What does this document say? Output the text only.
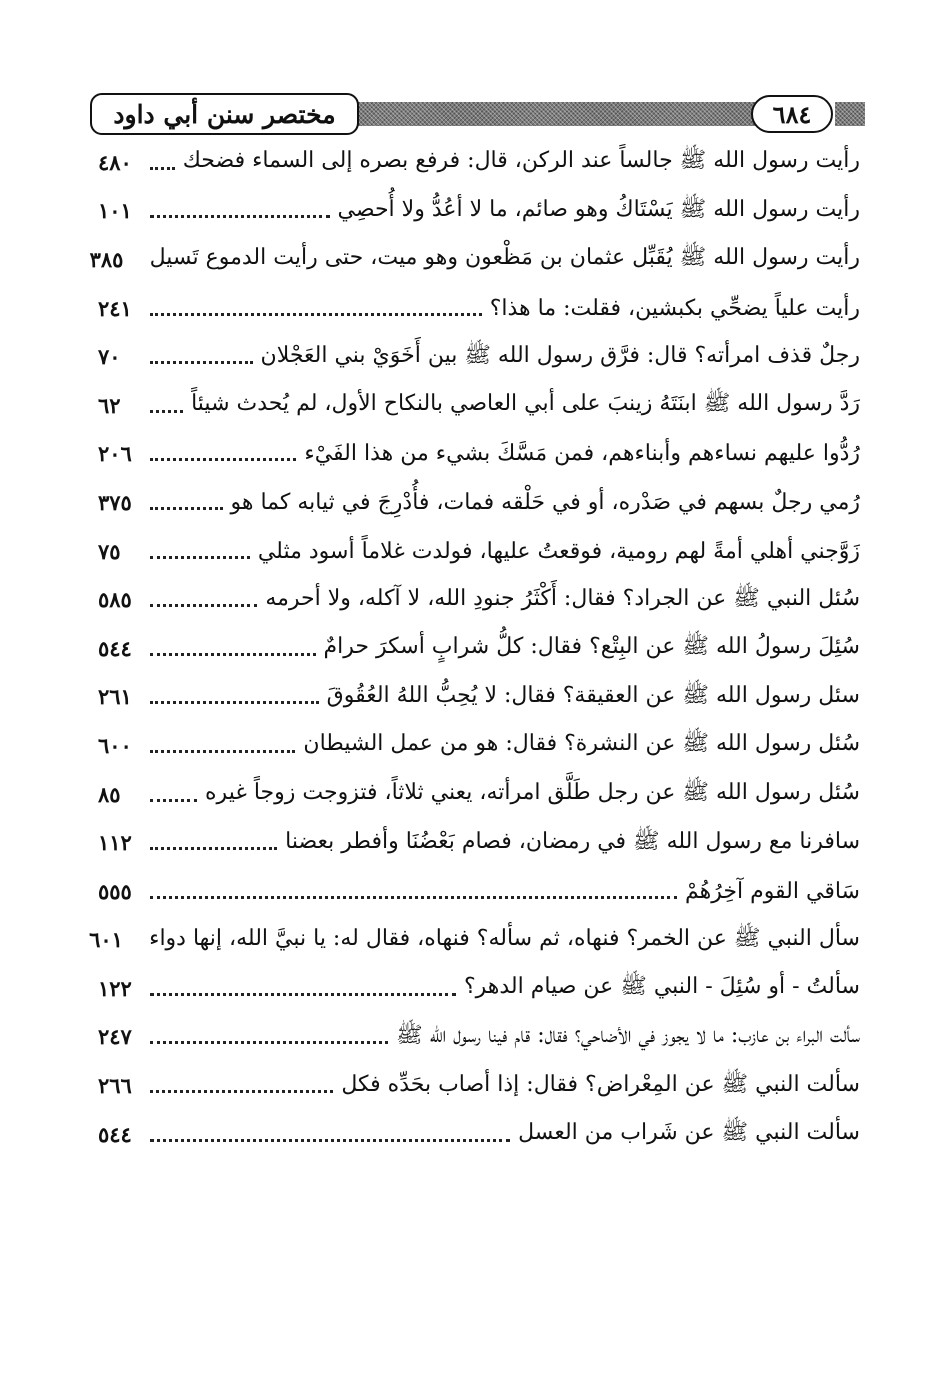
مختصر سنن أبي داود	٦٨٤
رأيت رسول الله ﷺ جالساً عند الركن، قال: فرفع بصره إلى السماء فضحك
٤٨٠
رأيت رسول الله ﷺ يَسْتَاكُ وهو صائم، ما لا أعُدُّ ولا أُحصِي
١٠١
رأيت رسول الله ﷺ يُقَبِّل عثمان بن مَظْعون وهو ميت، حتى رأيت الدموع تَسيل
٣٨٥
رأيت علياً يضحِّي بكبشين، فقلت: ما هذا؟
٢٤١
رجلٌ قذف امرأته؟ قال: فرَّق رسول الله ﷺ بين أَخَوَيْ بني العَجْلان
٧٠
رَدَّ رسول الله ﷺ ابنَتَهُ زينبَ على أبي العاصي بالنكاح الأول، لم يُحدث شيئاً
٦٢
رُدُّوا عليهم نساءهم وأبناءهم، فمن مَسَّكَ بشيء من هذا الفَيْء
٢٠٦
رُمي رجلٌ بسهم في صَدْره، أو في حَلْقه فمات، فأُدْرِجَ في ثيابه كما هو
٣٧٥
زَوَّجني أهلي أمةً لهم رومية، فوقعتُ عليها، فولدت غلاماً أسود مثلي
٧٥
سُئل النبي ﷺ عن الجراد؟ فقال: أَكْثَرُ جنودِ الله، لا آكله، ولا أحرمه
٥٨٥
سُئِلَ رسولُ الله ﷺ عن البِتْع؟ فقال: كلُّ شرابٍ أسكرَ حرامٌ
٥٤٤
سئل رسول الله ﷺ عن العقيقة؟ فقال: لا يُحِبُّ اللهُ العُقُوقَ
٢٦١
سُئل رسول الله ﷺ عن النشرة؟ فقال: هو من عمل الشيطان
٦٠٠
سُئل رسول الله ﷺ عن رجل طَلَّق امرأته، يعني ثلاثاً، فتزوجت زوجاً غيره
٨٥
سافرنا مع رسول الله ﷺ في رمضان، فصام بَعْضُنَا وأفطر بعضنا
١١٢
سَاقي القوم آخِرُهُمْ
٥٥٥
سأل النبي ﷺ عن الخمر؟ فنهاه، ثم سأله؟ فنهاه، فقال له: يا نبيَّ الله، إنها دواء
٦٠١
سألتُ - أو سُئِلَ - النبي ﷺ عن صيام الدهر؟
١٢٢
سألت البراء بن عازب: ما لا يجوز في الأضاحي؟ فقال: قام فينا رسول الله ﷺ
٢٤٧
سألت النبي ﷺ عن المِعْراض؟ فقال: إذا أصاب بحَدِّه فكل
٢٦٦
سألت النبي ﷺ عن شَراب من العسل
٥٤٤
